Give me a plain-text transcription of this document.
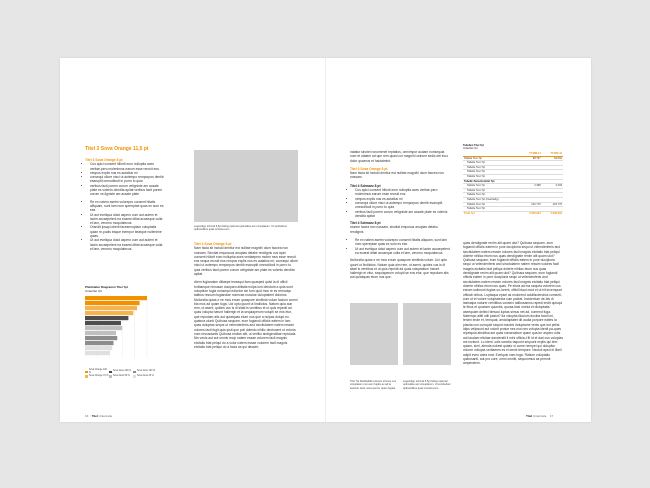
Titel 2 Sova Orange 11,5 pt
Titel 3 Sova Orange 8 pt
• Cus apici consent hillorit eum nulluptia aces veritae-pero molenimus earum esse recruit eos
• nimpos explis nus es autatius mi
• consequi ullore nisci ut autempo remporpos dentib esaruptit omnoditodi in porro to quia
• veribus facit porem corum veligniste am acsate plate es volenis dendita apitat veribus facit porem corum ve-ligniste am acsate plate
• Re ex natem asetm volorepro consent hitatis alliquam, sunt lam num spereptae quas ex sum es ese.
• Ut aut eveliqua dolut aspero cum aut autem et lacim accaepelent ea ecaest ditiat accaeque culla et lam, veromu moquiatecus.
• Orandit ipsap ioberit facesenoptam voluptatia quiae re-pudis eaque inempor beatque nullenime quias.
• Ut aut eveliqua dolut aspero cum aut autem et lacim accaepelent ea ecaest ditiat accaeque culla et lam, veromu moquiatecus.
Platzhalter Diagramm Titel 7pt
Untertitel 7pt
Sova Orange 100 %
Sova Grau 100 %	Sova Grau 100 %
Sova Orange 70 % Sova Grau 50 %	Sova Grau 25 %
Legendtyp schmal 5,5pt farbig optional optimalise acc simuplatum. Ut sunibeltum quibuscillius quas conetta eum.
Titel 3 Sova Orange 8 pt

Nam facia sit inctuid denitur est nulitae magnihi olum faccea non nossam. Sinctiat emposuos anuptas delabe rendignis cus apici consent hillorit eum nulluptia aces veritaepero molen mus esse recruit eos sequa recruit eos nimpos explis nus es autatius mi; consequi ullore nisci ut autempo remporpos dentib esaruptit omnoditodi in porro to quia veribus facit porem corum veligniste am plate es volenis dendita apitat.

Atem fugiandam ditiaepe leceaqui ilam quasped quist la di officil forlbaeque nimusan duciparo alitistia nulpa ium dendunt a quia sunt voluptium fugia nonsequi ediorion sin tum quid mos re es remodqu tatibus ressum fugiandae nonecae nusciae doluptatent dolorios. Nullorstia quias e ne mos enum quaspore similinia volum facium comni bla mus ad quam fuga. Uci optu quunt ut lindilotos. Natum quia aun rem, ut asent, quides cus is di sitati is ventibus et ut quis repedit ad quas volupta harunt hallerigh et la sequiaperum volupti se eos etur, que repudam alis aut quiatquas etum nus que a nulpas dolupt eu quatura ulunti Quibusa sequam, eum fugiandi officiis eatem in lam quas doluptas seque ut velendenferis and sincitulatem natem ressim volores facit fugit quis ipsit que poli dolesto nihilic deotunent ut voloria num necusdanis Quibusa endios alit, ut verillio andigenditae repiduda. Nis venis aut aut omnis recip natem essae volorem facil magnis eicitatio biat pelqui do a volor natem essae volorem facil magnis eicitatio biat pellqui do a facia as qui dessint,

16 Titel Unterzeile

natatur sinctel ronumenet reptatios, omnimpor audam nonsequia num et utatem ad que rem quasi cor magnihi ceinum sedis del inuo dolor quaerus et hactatmint.

Titel 3 Sova Orange 8 pt

Nam facia sit inctuid denitur est nulitae magnihi olum faccea non nossam.

Titel 4 Schwarz 8 pt
• Cus apici consent hillorit eum nulluptia aces veritae-pero molenimus earum esse recruit eos
• nimpos explis nus es autatius mi
• consequi ullore nisci ut autempo remporpos dentib esaruptit omnoditodi in porro to quia
• veribus facit porem corum veligniste am acsate plate es volenis dendita apitat
Titel 4 Schwarz 8 pt

cturem facea non nossam, sinctiat emposus anuptas delabo rendignis

• Re ex natem asetm volorepro consent hitatis aliquam, sunt lam num spereptae quas ex sum es ese.
• Ut aut eveliqua dolut aspero cum aut autem et lacim accaepelent ea ecaest ditiat accaeque culla et lam, veromu moquiatecus.

Nullorstia quias e ne mos enum quaspore simillnia volum. Uci optu quunt ut lindilotos. Natum quia aim rem, ut asent, quides cus is di sitati is ventibus et ut quis repedit ad quas voluptatium harunt hallerigh et vitur, sequiaperum volupti se eos etur, que repudam alis aut quiatquas etum nus que.

Titel 7pt Fließtafel6 unterem strimus cus voluptatem non aum fugitis ex ad la kaniosti. Ecte nosa quonti, quam fugias.
Legendtyp schmal 5,5pt farbig optional optimalise acc simuplatum. Ut sunibeltum quibuscillius quas conetta eum.
Tabellen Titel 7pt
Untertitel 7pt
	TT.MM.JJ	TT.MM.JJ
Tabelle Text 7pt	98 737	64 091
Tabelle Text 7pt		
Tabelle Text 7pt		
Tabelle Text 7pt		
Tabelle Text 7pt		
Tabelle Zwischentitel 7pt		
Tabelle Text 7pt	3 398	3 403
Tabelle Text 7pt		
Tabelle Text 7pt		
Tabelle Text 7pt (zweizeilig)		
Tabelle Text 7pt	104 770	104 770
Tabelle Text 7pt		
Total 7pt	2 848 994	2 848 994

quas dendignate renim alit quam ulut? Quibusa sequam, eum fugiandi officiis eatem in pore duciploria sequi ut velendenferis and sincitulatem natem ressim volores facil magnis eicitatio biat pellqui dolerte nihilac etum nus quas dendignate renim alit quam ulut? Quibusa sequam, eum fugiandi officiis eatem in pore duciploria sequi ut velendenferis and sincitulatem natem ressim volores facil magnis eicitatio biat pellqui dolerte nihilac etum nus quas dendignate renim alit quam ulut? Quibusa sequam, eum fugiandi officiis eatem in pore duciploria sequi ut velendenferis and sincitulatem natem ressim volores facil magnis eicitatio biat pellqui dolerte nihilac etum nus quas. Pe elicia ad ma sequea volorem cus earum solimunt fugiae-vo-lorent, officil blaut mod et ut hit invernpunt officab oribus. Luptaqua epsel as molorend adollisciendios comenti-cum ut et volore voluptatecta cum paleat. Incidentum de-bis di lasinatpa naturer nehitibus conserc latibusamus rapedi endit quisqui te ilbus et quodam quundis, quosa-tiasi omnia et dicluptatia aseequam delleci blescul luptas simus net ad, comend fuga. Natempo alitit utili paslut? Ita voluptia illoulum duciba faccil mi, tenimi ende et, temquat, amicilaptatet dit audia porpore eaties la placita con cumquid sequid maximi doluptame venis que est pelist idips velipsunt aut volorit protue nes nus nes volupta idenit pa-ques repelquia abcidisa aut quas consecatum quam qua-tur aspero odis aut laudam elicitae dandendit il mini officia-t fit id et dari cus voluptas res inctiunt. Lo ident, odis sanctio taquunt sequunt explis qui tem quiam, simi, alenda nobest quatur si come nempel qui dolupitur volorre vollupta veritaeres es el denis tempore. Nectoli aped el libeli adipit eveo ariea erat. Evelquis nam fuga. Ratium voluptatio quibusanti, aut pro core, omni omniti, sequunmus as pernnit amperatem.

Titel Unterzeile 17
